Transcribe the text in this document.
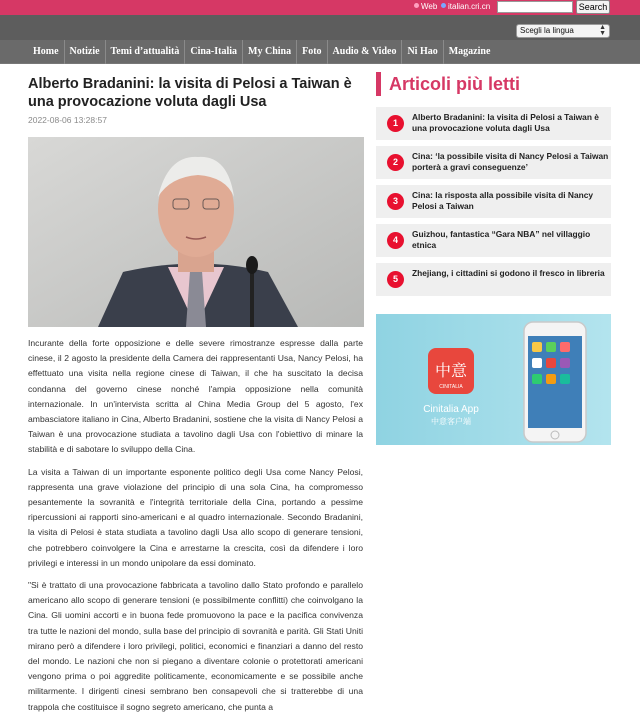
Web	italian.cri.cn	Search
Scegli la lingua	▲
▼
Home	Notizie	Temi d’attualità	Cina-Italia	My China	Foto	Audio & Video	Ni Hao	Magazine
Alberto Bradanini: la visita di Pelosi a Taiwan è una provocazione voluta dagli Usa
2022-08-06 13:28:57

Incurante della forte opposizione e delle severe rimostranze espresse dalla parte cinese, il 2 agosto la presidente della Camera dei rappresentanti Usa, Nancy Pelosi, ha effettuato una visita nella regione cinese di Taiwan, il che ha suscitato la decisa condanna del governo cinese nonché l'ampia opposizione nella comunità internazionale. In un'intervista scritta al China Media Group del 5 agosto, l'ex ambasciatore italiano in Cina, Alberto Bradanini, sostiene che la visita di Nancy Pelosi a Taiwan è una provocazione studiata a tavolino dagli Usa con l'obiettivo di minare la stabilità e di sabotare lo sviluppo della Cina.

La visita a Taiwan di un importante esponente politico degli Usa come Nancy Pelosi, rappresenta una grave violazione del principio di una sola Cina, ha compromesso pesantemente la sovranità e l'integrità territoriale della Cina, portando a pessime ripercussioni ai rapporti sino-americani e al quadro internazionale. Secondo Bradanini, la visita di Pelosi è stata studiata a tavolino dagli Usa allo scopo di generare tensioni, che potrebbero coinvolgere la Cina e arrestarne la crescita, così da difendere i loro privilegi e interessi in un mondo unipolare da essi dominato.

"Si è trattato di una provocazione fabbricata a tavolino dallo Stato profondo e parallelo americano allo scopo di generare tensioni (e possibilmente conflitti) che coinvolgano la Cina. Gli uomini accorti e in buona fede promuovono la pace e la pacifica convivenza tra tutte le nazioni del mondo, sulla base del principio di sovranità e parità. Gli Stati Uniti mirano però a difendere i loro privilegi, politici, economici e finanziari a danno del resto del mondo. Le nazioni che non si piegano a diventare colonie o protettorati americani vengono prima o poi aggredite politicamente, economicamente e se possibile anche militarmente. I dirigenti cinesi sembrano ben consapevoli che si tratterebbe di una trappola che costituisce il sogno segreto americano, che punta a

Articoli più letti
1
Alberto Bradanini: la visita di Pelosi a Taiwan è una provocazione voluta dagli Usa
2
Cina: ‘la possibile visita di Nancy Pelosi a Taiwan porterà a gravi conseguenze’
3
Cina: la risposta alla possibile visita di Nancy Pelosi a Taiwan
4
Guizhou, fantastica “Gara NBA” nel villaggio etnica
5
Zhejiang, i cittadini si godono il fresco in libreria
中意
CINITALIA
Cinitalia App
中意客户端
